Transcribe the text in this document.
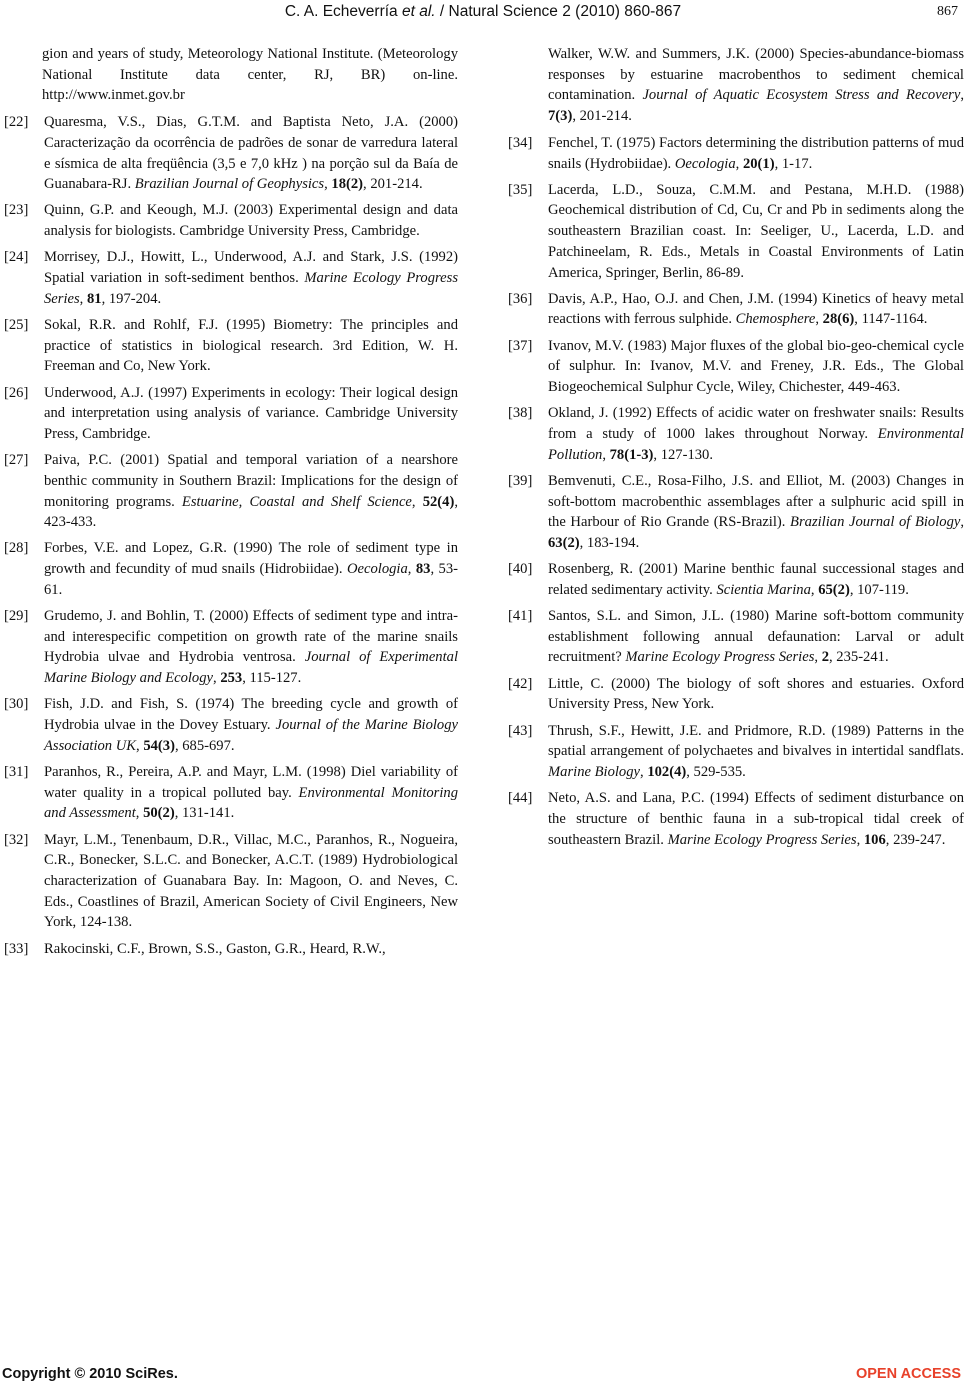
C. A. Echeverría et al. / Natural Science 2 (2010) 860-867	867

gion and years of study, Meteorology National Institute. (Meteorology National Institute data center, RJ, BR) on-line. http://www.inmet.gov.br

[22] Quaresma, V.S., Dias, G.T.M. and Baptista Neto, J.A. (2000) Caracterização da ocorrência de padrões de sonar de varredura lateral e sísmica de alta freqüência (3,5 e 7,0 kHz ) na porção sul da Baía de Guanabara-RJ. Brazilian Journal of Geophysics, 18(2), 201-214.
[23] Quinn, G.P. and Keough, M.J. (2003) Experimental design and data analysis for biologists. Cambridge University Press, Cambridge.
[24] Morrisey, D.J., Howitt, L., Underwood, A.J. and Stark, J.S. (1992) Spatial variation in soft-sediment benthos. Marine Ecology Progress Series, 81, 197-204.
[25] Sokal, R.R. and Rohlf, F.J. (1995) Biometry: The principles and practice of statistics in biological research. 3rd Edition, W. H. Freeman and Co, New York.
[26] Underwood, A.J. (1997) Experiments in ecology: Their logical design and interpretation using analysis of variance. Cambridge University Press, Cambridge.
[27] Paiva, P.C. (2001) Spatial and temporal variation of a nearshore benthic community in Southern Brazil: Implications for the design of monitoring programs. Estuarine, Coastal and Shelf Science, 52(4), 423-433.
[28] Forbes, V.E. and Lopez, G.R. (1990) The role of sediment type in growth and fecundity of mud snails (Hidrobiidae). Oecologia, 83, 53-61.
[29] Grudemo, J. and Bohlin, T. (2000) Effects of sediment type and intra- and interespecific competition on growth rate of the marine snails Hydrobia ulvae and Hydrobia ventrosa. Journal of Experimental Marine Biology and Ecology, 253, 115-127.
[30] Fish, J.D. and Fish, S. (1974) The breeding cycle and growth of Hydrobia ulvae in the Dovey Estuary. Journal of the Marine Biology Association UK, 54(3), 685-697.
[31] Paranhos, R., Pereira, A.P. and Mayr, L.M. (1998) Diel variability of water quality in a tropical polluted bay. Environmental Monitoring and Assessment, 50(2), 131-141.
[32] Mayr, L.M., Tenenbaum, D.R., Villac, M.C., Paranhos, R., Nogueira, C.R., Bonecker, S.L.C. and Bonecker, A.C.T. (1989) Hydrobiological characterization of Guanabara Bay. In: Magoon, O. and Neves, C. Eds., Coastlines of Brazil, American Society of Civil Engineers, New York, 124-138.
[33] Rakocinski, C.F., Brown, S.S., Gaston, G.R., Heard, R.W.,

Walker, W.W. and Summers, J.K. (2000) Species-abundance-biomass responses by estuarine macrobenthos to sediment chemical contamination. Journal of Aquatic Ecosystem Stress and Recovery, 7(3), 201-214.

[34] Fenchel, T. (1975) Factors determining the distribution patterns of mud snails (Hydrobiidae). Oecologia, 20(1), 1-17.
[35] Lacerda, L.D., Souza, C.M.M. and Pestana, M.H.D. (1988) Geochemical distribution of Cd, Cu, Cr and Pb in sediments along the southeastern Brazilian coast. In: Seeliger, U., Lacerda, L.D. and Patchineelam, R. Eds., Metals in Coastal Environments of Latin America, Springer, Berlin, 86-89.
[36] Davis, A.P., Hao, O.J. and Chen, J.M. (1994) Kinetics of heavy metal reactions with ferrous sulphide. Chemosphere, 28(6), 1147-1164.
[37] Ivanov, M.V. (1983) Major fluxes of the global bio-geo-chemical cycle of sulphur. In: Ivanov, M.V. and Freney, J.R. Eds., The Global Biogeochemical Sulphur Cycle, Wiley, Chichester, 449-463.
[38] Okland, J. (1992) Effects of acidic water on freshwater snails: Results from a study of 1000 lakes throughout Norway. Environmental Pollution, 78(1-3), 127-130.
[39] Bemvenuti, C.E., Rosa-Filho, J.S. and Elliot, M. (2003) Changes in soft-bottom macrobenthic assemblages after a sulphuric acid spill in the Harbour of Rio Grande (RS-Brazil). Brazilian Journal of Biology, 63(2), 183-194.
[40] Rosenberg, R. (2001) Marine benthic faunal successional stages and related sedimentary activity. Scientia Marina, 65(2), 107-119.
[41] Santos, S.L. and Simon, J.L. (1980) Marine soft-bottom community establishment following annual defaunation: Larval or adult recruitment? Marine Ecology Progress Series, 2, 235-241.
[42] Little, C. (2000) The biology of soft shores and estuaries. Oxford University Press, New York.
[43] Thrush, S.F., Hewitt, J.E. and Pridmore, R.D. (1989) Patterns in the spatial arrangement of polychaetes and bivalves in intertidal sandflats. Marine Biology, 102(4), 529-535.
[44] Neto, A.S. and Lana, P.C. (1994) Effects of sediment disturbance on the structure of benthic fauna in a sub-tropical tidal creek of southeastern Brazil. Marine Ecology Progress Series, 106, 239-247.
Copyright © 2010 SciRes.	OPEN ACCESS
